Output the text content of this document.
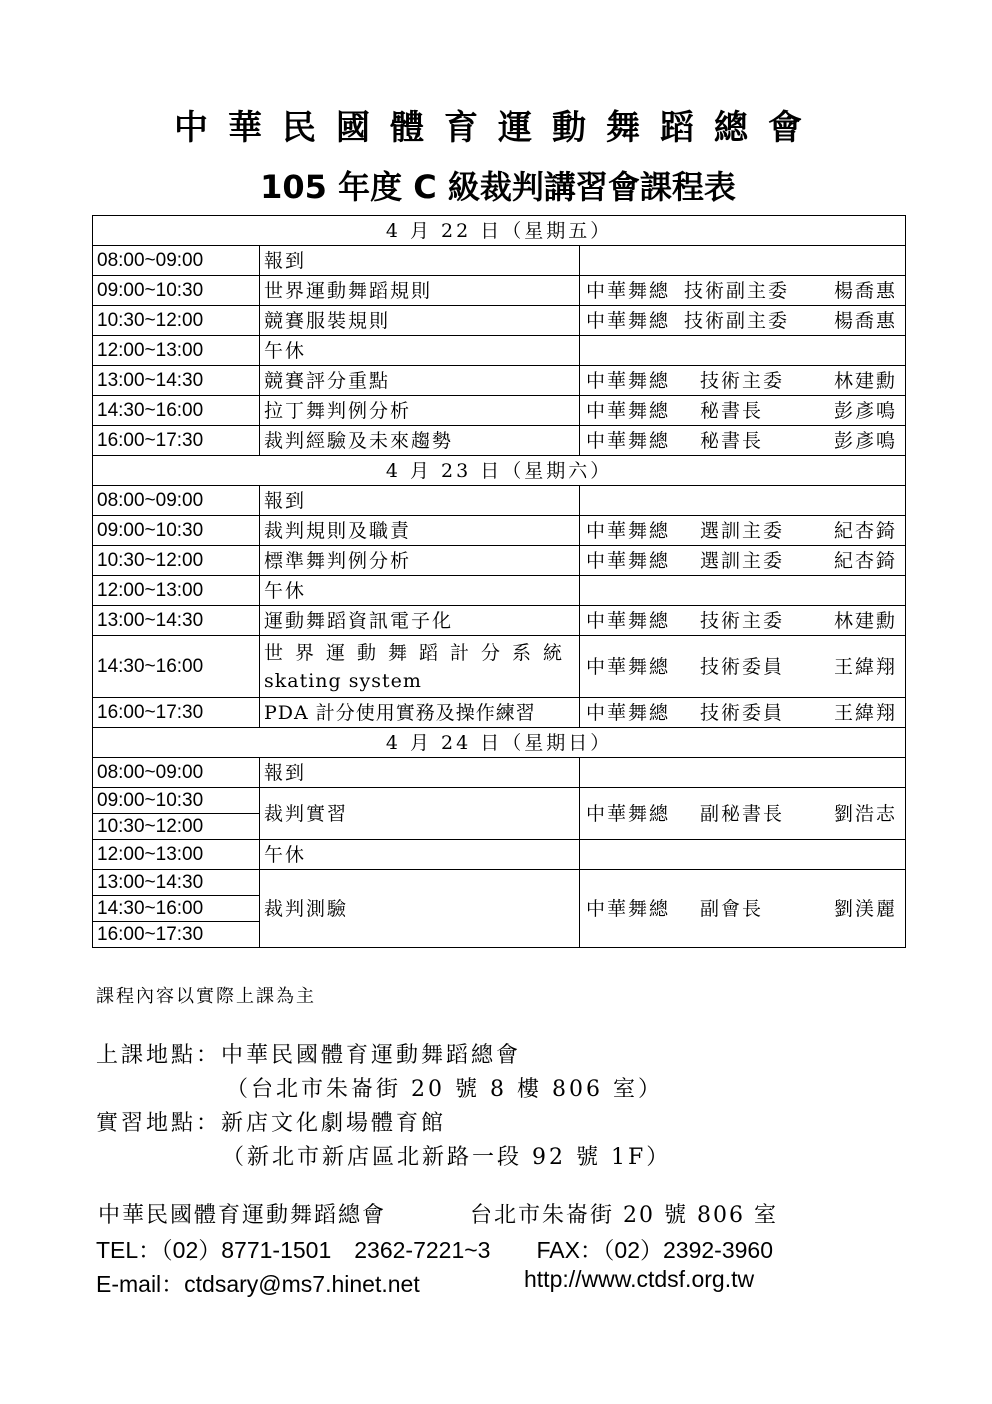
中華民國體育運動舞蹈總會
105 年度 C 級裁判講習會課程表
4 月 22 日（星期五）		
08:00~09:00	報到	
09:00~10:30	世界運動舞蹈規則	中華舞總 技術副主委 楊喬惠

10:30~12:00	競賽服裝規則	中華舞總 技術副主委 楊喬惠

12:00~13:00	午休	
13:00~14:30	競賽評分重點	中華舞總 技術主委 林建勳

14:30~16:00	拉丁舞判例分析	中華舞總 秘書長 彭彥鳴

16:00~17:30	裁判經驗及未來趨勢	中華舞總 秘書長 彭彥鳴

4 月 23 日（星期六）		
08:00~09:00	報到	
09:00~10:30	裁判規則及職責	中華舞總 選訓主委 紀杏錡

10:30~12:00	標準舞判例分析	中華舞總 選訓主委 紀杏錡

12:00~13:00	午休	
13:00~14:30	運動舞蹈資訊電子化	中華舞總 技術主委 林建勳

14:30~16:00	世界運動舞蹈計分系統
skating system	中華舞總 技術委員 王緯翔

16:00~17:30	PDA 計分使用實務及操作練習	中華舞總 技術委員 王緯翔

4 月 24 日（星期日）		
08:00~09:00	報到	
09:00~10:30	裁判實習	中華舞總 副秘書長 劉浩志

10:30~12:00		
12:00~13:00	午休	
13:00~14:30	裁判測驗	中華舞總 副會長 劉渼麗

14:30~16:00		
16:00~17:30		
課程內容以實際上課為主
上課地點：中華民國體育運動舞蹈總會
（台北市朱崙街 20 號 8 樓 806 室）
實習地點：新店文化劇場體育館
（新北市新店區北新路一段 92 號 1F）
中華民國體育運動舞蹈總會	台北市朱崙街 20 號 806 室
TEL：（02）8771-1501　2362-7221~3　　FAX：（02）2392-3960
E-mail：ctdsary@ms7.hinet.net	http://www.ctdsf.org.tw
